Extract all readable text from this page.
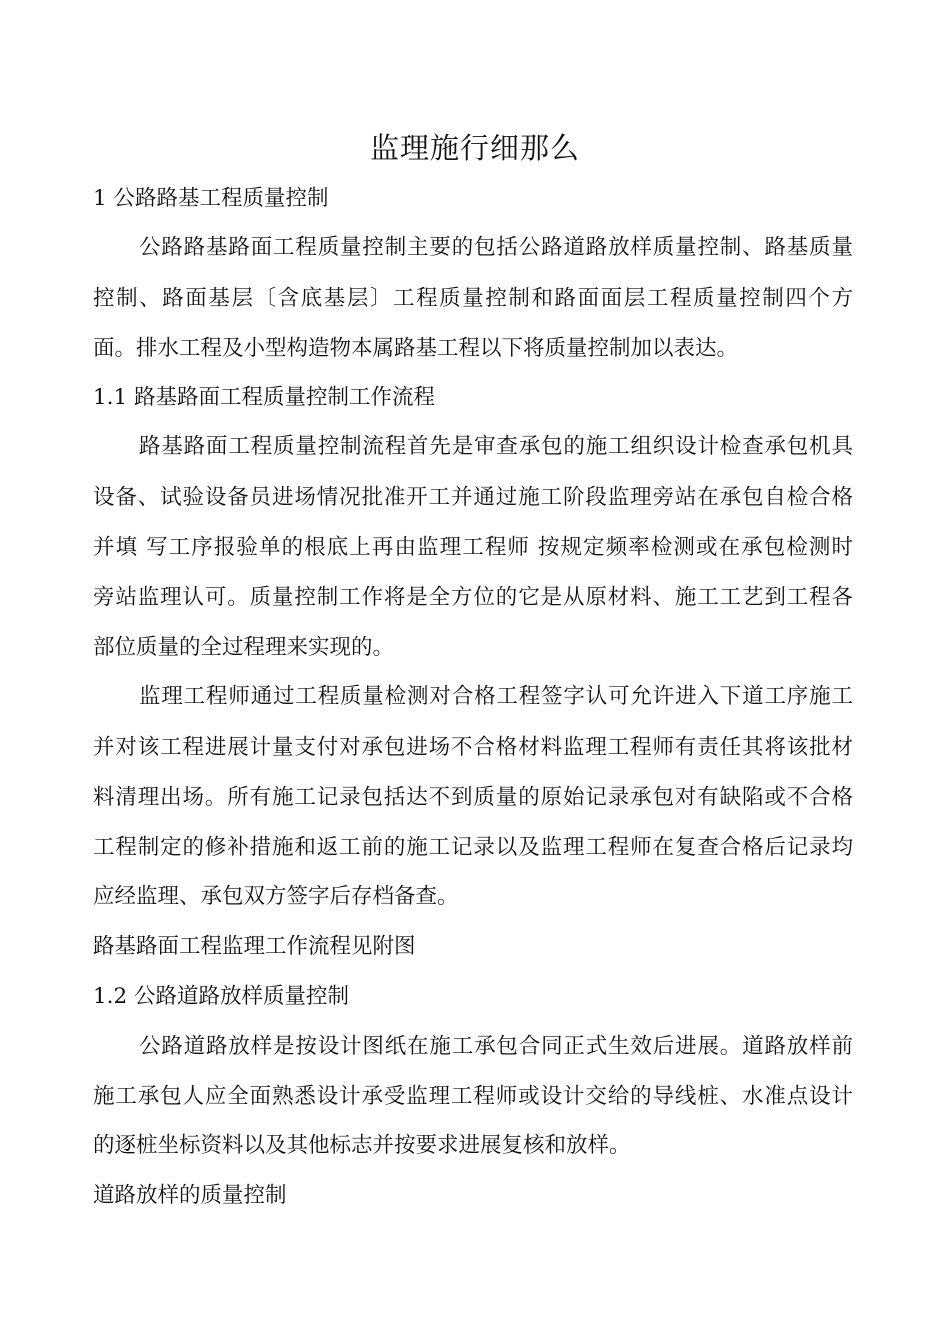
监理施行细那么
1 公路路基工程质量控制
公路路基路面工程质量控制主要的包括公路道路放样质量控制、路基质量
控制、路面基层〔含底基层〕工程质量控制和路面面层工程质量控制四个方
面。排水工程及小型构造物本属路基工程以下将质量控制加以表达。
1.1 路基路面工程质量控制工作流程
路基路面工程质量控制流程首先是审查承包的施工组织设计检查承包机具
设备、试验设备员进场情况批准开工并通过施工阶段监理旁站在承包自检合格
并填 写工序报验单的根底上再由监理工程师 按规定频率检测或在承包检测时
旁站监理认可。质量控制工作将是全方位的它是从原材料、施工工艺到工程各
部位质量的全过程理来实现的。
监理工程师通过工程质量检测对合格工程签字认可允许进入下道工序施工
并对该工程进展计量支付对承包进场不合格材料监理工程师有责任其将该批材
料清理出场。所有施工记录包括达不到质量的原始记录承包对有缺陷或不合格
工程制定的修补措施和返工前的施工记录以及监理工程师在复查合格后记录均
应经监理、承包双方签字后存档备查。
路基路面工程监理工作流程见附图
1.2 公路道路放样质量控制
公路道路放样是按设计图纸在施工承包合同正式生效后进展。道路放样前
施工承包人应全面熟悉设计承受监理工程师或设计交给的导线桩、水准点设计
的逐桩坐标资料以及其他标志并按要求进展复核和放样。
道路放样的质量控制
